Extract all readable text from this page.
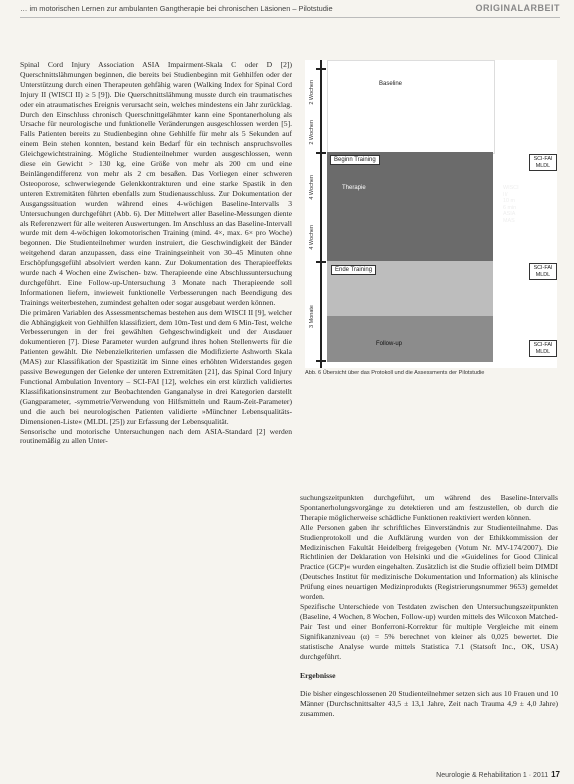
… im motorischen Lernen zur ambulanten Gangtherapie bei chronischen Läsionen – Pilotstudie	ORIGINALARBEIT

Spinal Cord Injury Association ASIA Impairment-Skala C oder D [2]) Querschnittslähmungen beginnen, die bereits bei Studienbeginn mit Gehhilfen oder der Unterstützung durch einen Therapeuten gehfähig waren (Walking Index for Spinal Cord Injury II (WISCI II) ≥ 5 [9]). Die Querschnittslähmung musste durch ein traumatisches oder ein atraumatisches Ereignis verursacht sein, welches mindestens ein Jahr zurücklag. Durch den Einschluss chronisch Querschnittgelähmter kann eine Spontanerholung als Ursache für neurologische und funktionelle Veränderungen ausgeschlossen werden [5]. Falls Patienten bereits zu Studienbeginn ohne Gehhilfe für mehr als 5 Sekunden auf einem Bein stehen konnten, bestand kein Bedarf für ein technisch anspruchsvolles Gleichgewichtstraining. Mögliche Studienteilnehmer wurden ausgeschlossen, wenn diese ein Gewicht > 130 kg, eine Größe von mehr als 200 cm und eine Beinlängendifferenz von mehr als 2 cm besaßen. Das Vorliegen einer schweren Osteoporose, schwerwiegende Gelenkkontrakturen und eine starke Spastik in den unteren Extremitäten führten ebenfalls zum Studienausschluss. Zur Dokumentation der Ausgangssituation wurden während eines 4-wöchigen Baseline-Intervalls 3 Untersuchungen durchgeführt (Abb. 6). Der Mittelwert aller Baseline-Messungen diente als Referenzwert für alle weiteren Auswertungen. Im Anschluss an das Baseline-Intervall wurde mit dem 4-wöchigen lokomotorischen Training (mind. 4×, max. 6× pro Woche) begonnen. Die Studienteilnehmer wurden instruiert, die Geschwindigkeit der Bänder weitgehend daran anzupassen, dass eine Trainingseinheit von 30–45 Minuten ohne Erschöpfungsgefühl absolviert werden kann. Zur Dokumentation des Therapieeffekts wurde nach 4 Wochen eine Zwischen- bzw. Therapieende eine Abschlussuntersuchung durchgeführt. Eine Follow-up-Untersuchung 3 Monate nach Therapieende soll Informationen liefern, inwieweit funktionelle Verbesserungen nach Beendigung des Trainings weiterbestehen, zumindest gehalten oder sogar ausgebaut werden können.

Die primären Variablen des Assessmentschemas bestehen aus dem WISCI II [9], welcher die Abhängigkeit von Gehhilfen klassifiziert, dem 10m-Test und dem 6 Min-Test, welche Verbesserungen in der frei gewählten Gehgeschwindigkeit und der Ausdauer dokumentieren [7]. Diese Parameter wurden aufgrund ihres hohen Stellenwerts für die Patienten gewählt. Die Nebenzielkriterien umfassen die Modifizierte Ashworth Skala (MAS) zur Klassifikation der Spastizität im Sinne eines erhöhten Widerstandes gegen passive Bewegungen der Gelenke der unteren Extremitäten [21], das Spinal Cord Injury Functional Ambulation Inventory – SCI-FAI [12], welches ein erst kürzlich validiertes Klassifikationsinstrument zur Beobachtenden Ganganalyse in drei Kategorien darstellt (Gangparameter, -symmetrie/Verwendung von Hilfsmitteln und Raum-Zeit-Parameter) und die auch bei neurologischen Patienten validierte »Münchner Lebensqualitäts-Dimensionen-Liste« (MLDL [25]) zur Erfassung der Lebensqualität.

Sensorische und motorische Untersuchungen nach dem ASIA-Standard [2] werden routinemäßig zu allen Unter-

2 Wochen
2 Wochen
4 Wochen
4 Wochen
3 Monate
Baseline
Beginn Training
Therapie
Ende Training
Follow-up
WISCI
II/
10 m
6 min
ASIA
MAS
SCI-FAI
MLDL
SCI-FAI
MLDL
SCI-FAI
MLDL
Abb. 6 Übersicht über das Protokoll und die Assessments der Pilotstudie

suchungszeitpunkten durchgeführt, um während des Baseline-Intervalls Spontanerholungsvorgänge zu detektieren und am festzustellen, ob durch die Therapie möglicherweise schädliche Funktionen reaktiviert werden können.

Alle Personen gaben ihr schriftliches Einverständnis zur Studienteilnahme. Das Studienprotokoll und die Aufklärung wurden von der Ethikkommission der Medizinischen Fakultät Heidelberg freigegeben (Votum Nr. MV-174/2007). Die Richtlinien der Deklaration von Helsinki und die »Guidelines for Good Clinical Practice (GCP)« wurden eingehalten. Zusätzlich ist die Studie offiziell beim DIMDI (Deutsches Institut für medizinische Dokumentation und Information) als klinische Prüfung eines neuartigen Medizinprodukts (Registrierungsnummer 9653) gemeldet worden.

Spezifische Unterschiede von Testdaten zwischen den Untersuchungszeitpunkten (Baseline, 4 Wochen, 8 Wochen, Follow-up) wurden mittels des Wilcoxon Matched-Pair Test und einer Bonferroni-Korrektur für multiple Vergleiche mit einem Signifikanzniveau (α) = 5% berechnet von kleiner als 0,025 bewertet. Die statistische Analyse wurde mittels Statistica 7.1 (Statsoft Inc., OK, USA) durchgeführt.

Ergebnisse

Die bisher eingeschlossenen 20 Studienteilnehmer setzen sich aus 10 Frauen und 10 Männer (Durchschnittsalter 43,5 ± 13,1 Jahre, Zeit nach Trauma 4,9 ± 4,0 Jahre) zusammen.

Neurologie & Rehabilitation 1 · 2011 17
